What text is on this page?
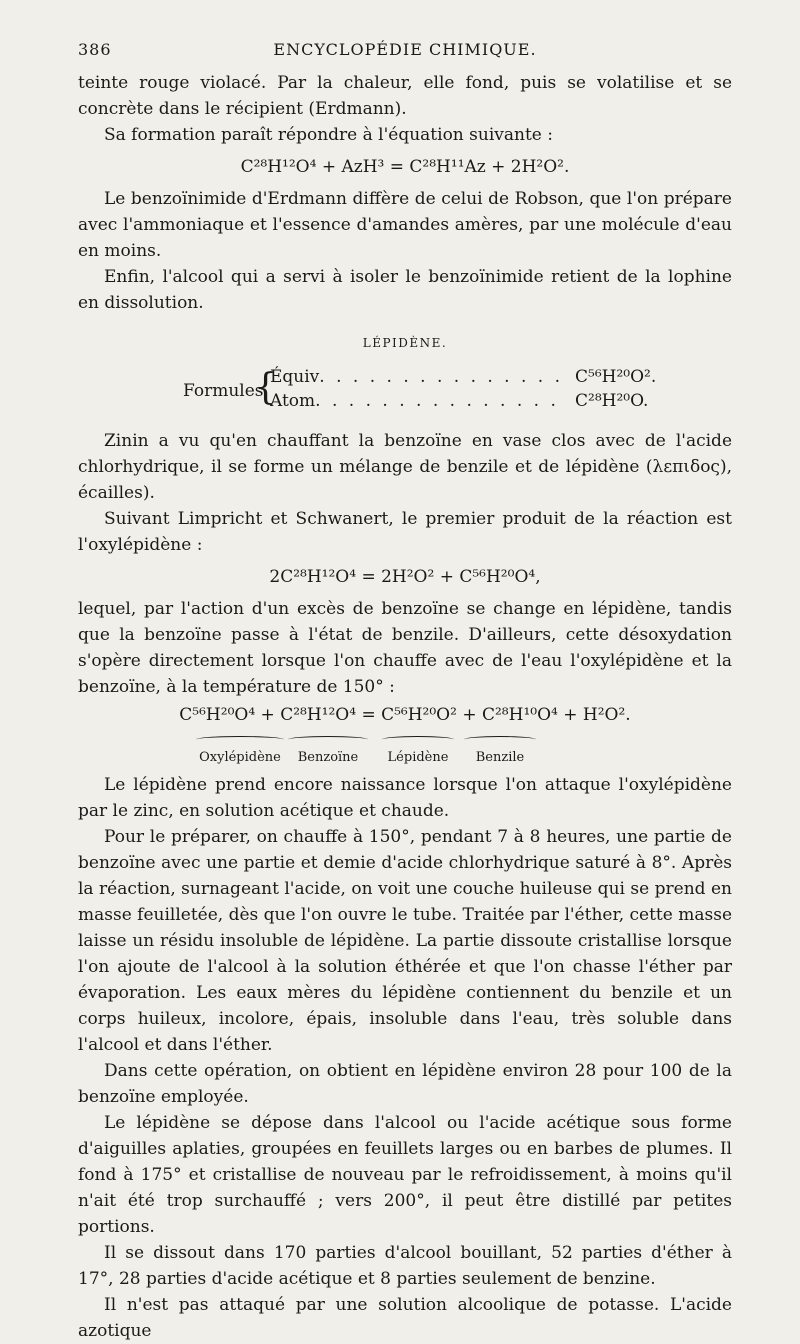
386	ENCYCLOPÉDIE CHIMIQUE.

teinte rouge violacé. Par la chaleur, elle fond, puis se volatilise et se concrète dans le récipient (Erdmann).

Sa formation paraît répondre à l'équation suivante :

C²⁸H¹²O⁴ + AzH³ = C²⁸H¹¹Az + 2H²O².

Le benzoïnimide d'Erdmann diffère de celui de Robson, que l'on prépare avec l'ammoniaque et l'essence d'amandes amères, par une molécule d'eau en moins.

Enfin, l'alcool qui a servi à isoler le benzoïnimide retient de la lophine en dissolution.

LÉPIDÈNE.
Formules
{
Équiv. . . . . . . . . . . . . . . C⁵⁶H²⁰O².
Atom. . . . . . . . . . . . . . . C²⁸H²⁰O.

Zinin a vu qu'en chauffant la benzoïne en vase clos avec de l'acide chlorhydrique, il se forme un mélange de benzile et de lépidène (λεπιδος), écailles).

Suivant Limpricht et Schwanert, le premier produit de la réaction est l'oxylépidène :

2C²⁸H¹²O⁴ = 2H²O² + C⁵⁶H²⁰O⁴,

lequel, par l'action d'un excès de benzoïne se change en lépidène, tandis que la benzoïne passe à l'état de benzile. D'ailleurs, cette désoxydation s'opère directement lorsque l'on chauffe avec de l'eau l'oxylépidène et la benzoïne, à la température de 150° :

C⁵⁶H²⁰O⁴ + C²⁸H¹²O⁴ = C⁵⁶H²⁰O² + C²⁸H¹⁰O⁴ + H²O².
Oxylépidène	Benzoïne	Lépidène	Benzile

Le lépidène prend encore naissance lorsque l'on attaque l'oxylépidène par le zinc, en solution acétique et chaude.

Pour le préparer, on chauffe à 150°, pendant 7 à 8 heures, une partie de benzoïne avec une partie et demie d'acide chlorhydrique saturé à 8°. Après la réaction, surnageant l'acide, on voit une couche huileuse qui se prend en masse feuilletée, dès que l'on ouvre le tube. Traitée par l'éther, cette masse laisse un résidu insoluble de lépidène. La partie dissoute cristallise lorsque l'on ajoute de l'alcool à la solution éthérée et que l'on chasse l'éther par évaporation. Les eaux mères du lépidène contiennent du benzile et un corps huileux, incolore, épais, insoluble dans l'eau, très soluble dans l'alcool et dans l'éther.

Dans cette opération, on obtient en lépidène environ 28 pour 100 de la benzoïne employée.

Le lépidène se dépose dans l'alcool ou l'acide acétique sous forme d'aiguilles aplaties, groupées en feuillets larges ou en barbes de plumes. Il fond à 175° et cristallise de nouveau par le refroidissement, à moins qu'il n'ait été trop surchauffé ; vers 200°, il peut être distillé par petites portions.

Il se dissout dans 170 parties d'alcool bouillant, 52 parties d'éther à 17°, 28 parties d'acide acétique et 8 parties seulement de benzine.

Il n'est pas attaqué par une solution alcoolique de potasse. L'acide azotique
